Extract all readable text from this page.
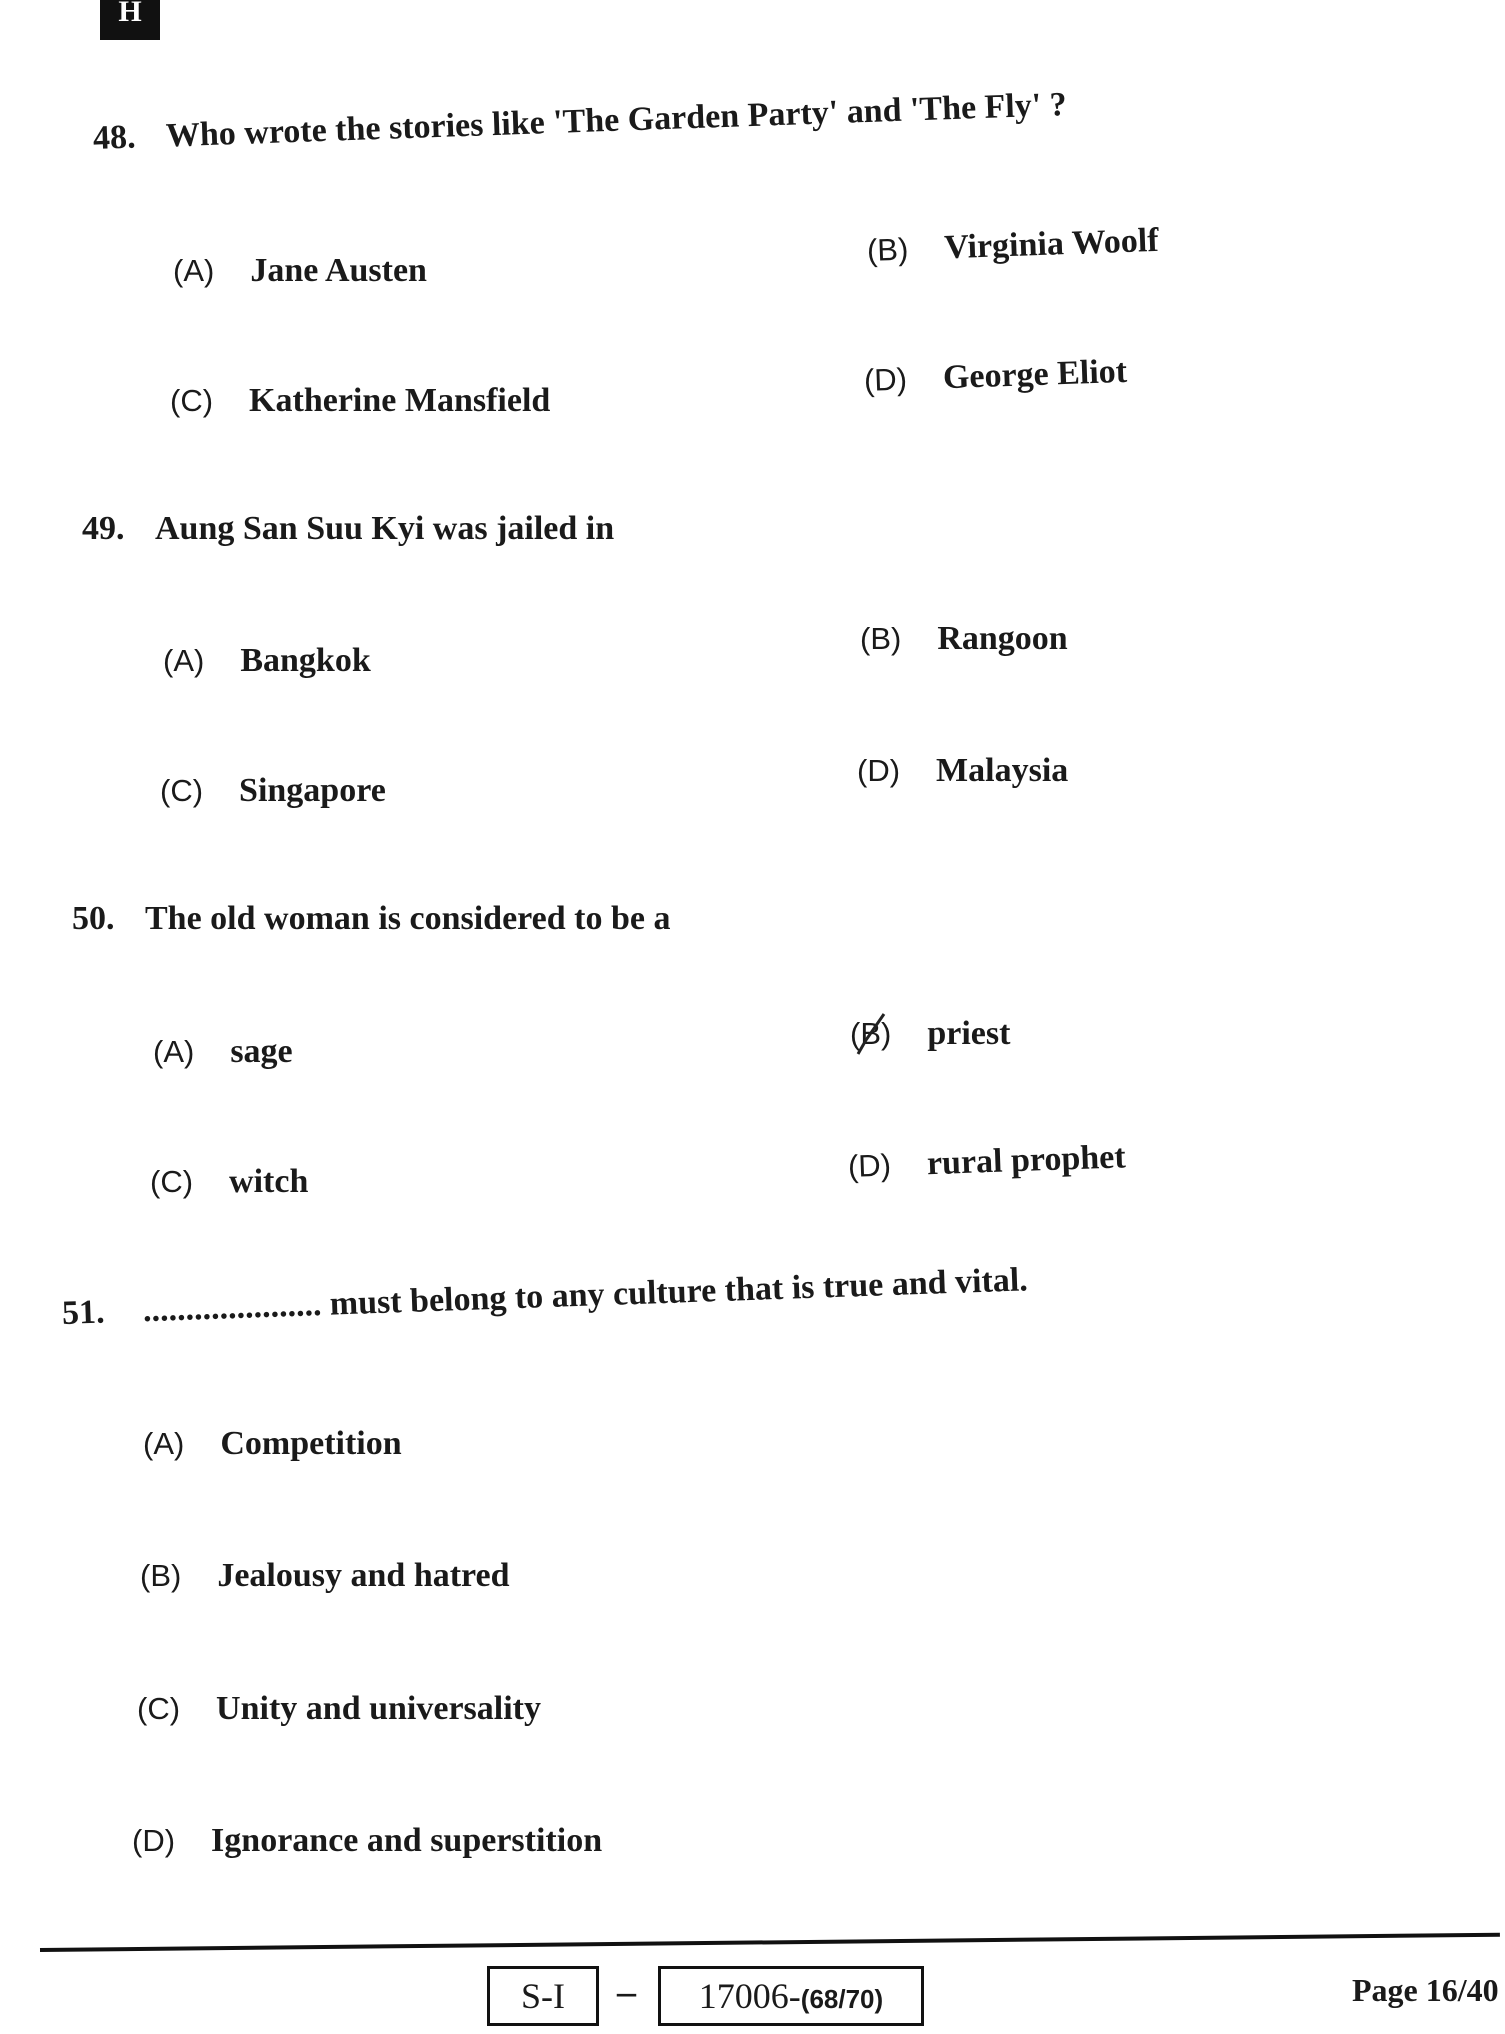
H
48. Who wrote the stories like 'The Garden Party' and 'The Fly' ?
(A) Jane Austen
(B) Virginia Woolf
(C) Katherine Mansfield
(D) George Eliot
49. Aung San Suu Kyi was jailed in
(A) Bangkok
(B) Rangoon
(C) Singapore
(D) Malaysia
50. The old woman is considered to be a
(A) sage	(B) priest
(C) witch	(D) rural prophet
51. ..................... must belong to any culture that is true and vital.
(A) Competition
(B) Jealousy and hatred
(C) Unity and universality
(D) Ignorance and superstition
S-I	–	17006-(68/70)	Page 16/40
